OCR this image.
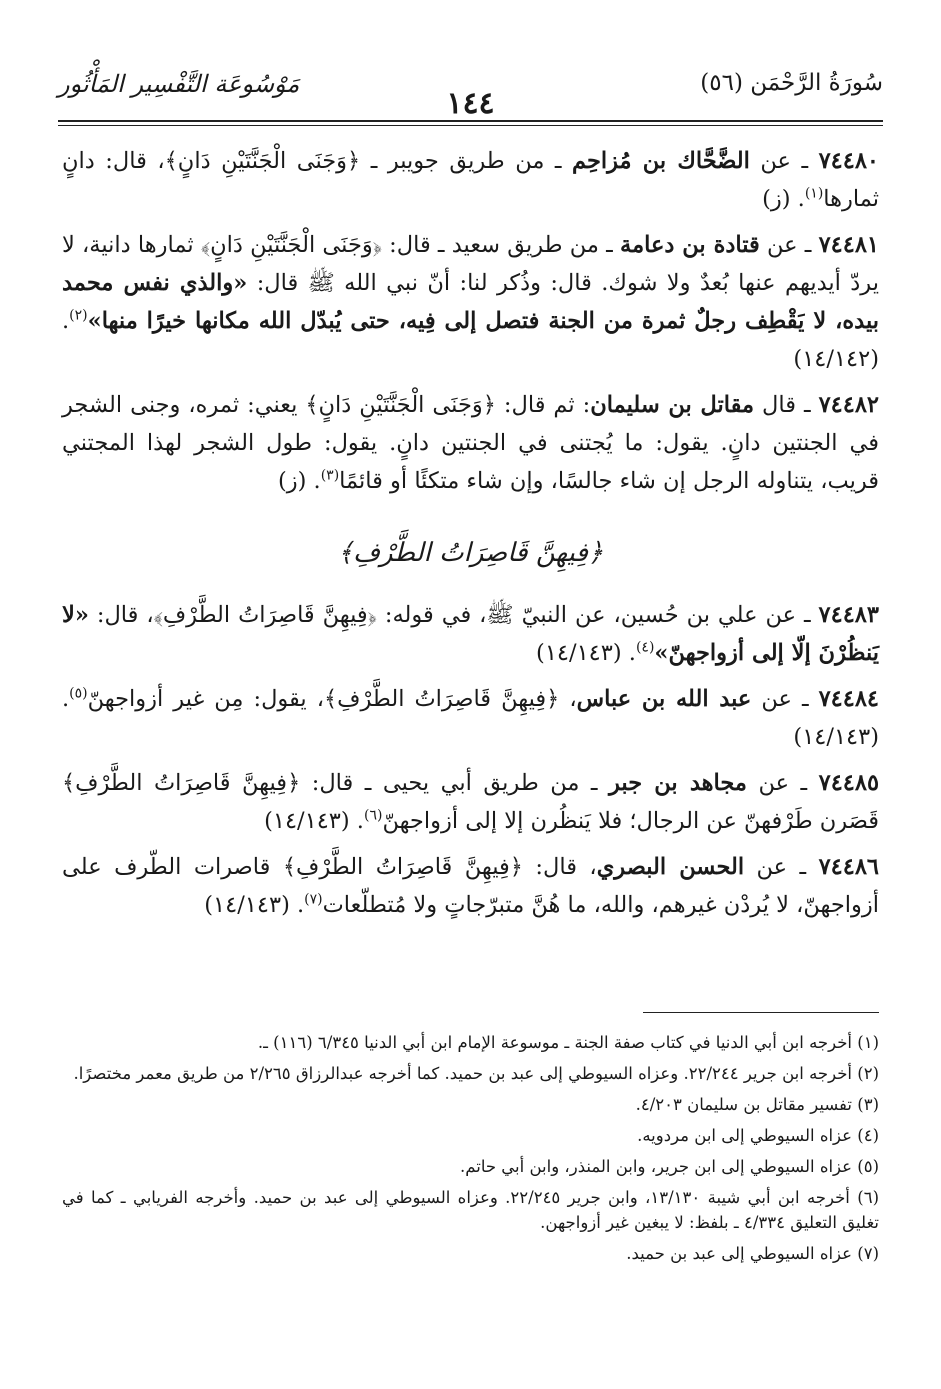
مَوْسُوعَة التَّفْسِير المَأْثُور
١٤٤
سُورَةُ الرَّحْمَن (٥٦)

٧٤٤٨٠ ـ عن الضَّحَّاك بن مُزاحِم ـ من طريق جويبر ـ ﴿وَجَنَى الْجَنَّتَيْنِ دَانٍ﴾، قال: دانٍ ثمارها$^{(١)}$. (ز)

٧٤٤٨١ ـ عن قتادة بن دعامة ـ من طريق سعيد ـ قال: ﴿وَجَنَى الْجَنَّتَيْنِ دَانٍ﴾ ثمارها دانية، لا يردّ أيديهم عنها بُعدٌ ولا شوك. قال: وذُكر لنا: أنّ نبي الله ﷺ قال: «والذي نفس محمد بيده، لا يَقْطِف رجلٌ ثمرة من الجنة فتصل إلى فِيه، حتى يُبدّل الله مكانها خيرًا منها»$^{(٢)}$. (١٤/١٤٢)

٧٤٤٨٢ ـ قال مقاتل بن سليمان: ثم قال: ﴿وَجَنَى الْجَنَّتَيْنِ دَانٍ﴾ يعني: ثمره، وجنى الشجر في الجنتين دانٍ. يقول: ما يُجتنى في الجنتين دانٍ. يقول: طول الشجر لهذا المجتني قريب، يتناوله الرجل إن شاء جالسًا، وإن شاء متكئًا أو قائمًا$^{(٣)}$. (ز)

﴿فِيهِنَّ قَاصِرَاتُ الطَّرْفِ﴾

٧٤٤٨٣ ـ عن علي بن حُسين، عن النبيّ ﷺ، في قوله: ﴿فِيهِنَّ قَاصِرَاتُ الطَّرْفِ﴾، قال: «لا يَنظُرْنَ إلّا إلى أزواجهنّ»$^{(٤)}$. (١٤/١٤٣)

٧٤٤٨٤ ـ عن عبد الله بن عباس، ﴿فِيهِنَّ قَاصِرَاتُ الطَّرْفِ﴾، يقول: مِن غير أزواجهنّ$^{(٥)}$. (١٤/١٤٣)

٧٤٤٨٥ ـ عن مجاهد بن جبر ـ من طريق أبي يحيى ـ قال: ﴿فِيهِنَّ قَاصِرَاتُ الطَّرْفِ﴾ قَصَرن طَرْفهنّ عن الرجال؛ فلا يَنظُرن إلا إلى أزواجهنّ$^{(٦)}$. (١٤/١٤٣)

٧٤٤٨٦ ـ عن الحسن البصري، قال: ﴿فِيهِنَّ قَاصِرَاتُ الطَّرْفِ﴾ قاصرات الطّرف على أزواجهنّ، لا يُردْن غيرهم، والله، ما هُنَّ متبرّجاتٍ ولا مُتطلّعات$^{(٧)}$. (١٤/١٤٣)

(١) أخرجه ابن أبي الدنيا في كتاب صفة الجنة ـ موسوعة الإمام ابن أبي الدنيا ٦/٣٤٥ (١١٦) ـ.

(٢) أخرجه ابن جرير ٢٢/٢٤٤. وعزاه السيوطي إلى عبد بن حميد. كما أخرجه عبدالرزاق ٢/٢٦٥ من طريق معمر مختصرًا.

(٣) تفسير مقاتل بن سليمان ٤/٢٠٣.

(٤) عزاه السيوطي إلى ابن مردويه.

(٥) عزاه السيوطي إلى ابن جرير، وابن المنذر، وابن أبي حاتم.

(٦) أخرجه ابن أبي شيبة ١٣/١٣٠، وابن جرير ٢٢/٢٤٥. وعزاه السيوطي إلى عبد بن حميد. وأخرجه الفريابي ـ كما في تغليق التعليق ٤/٣٣٤ ـ بلفظ: لا يبغين غير أزواجهن.

(٧) عزاه السيوطي إلى عبد بن حميد.
